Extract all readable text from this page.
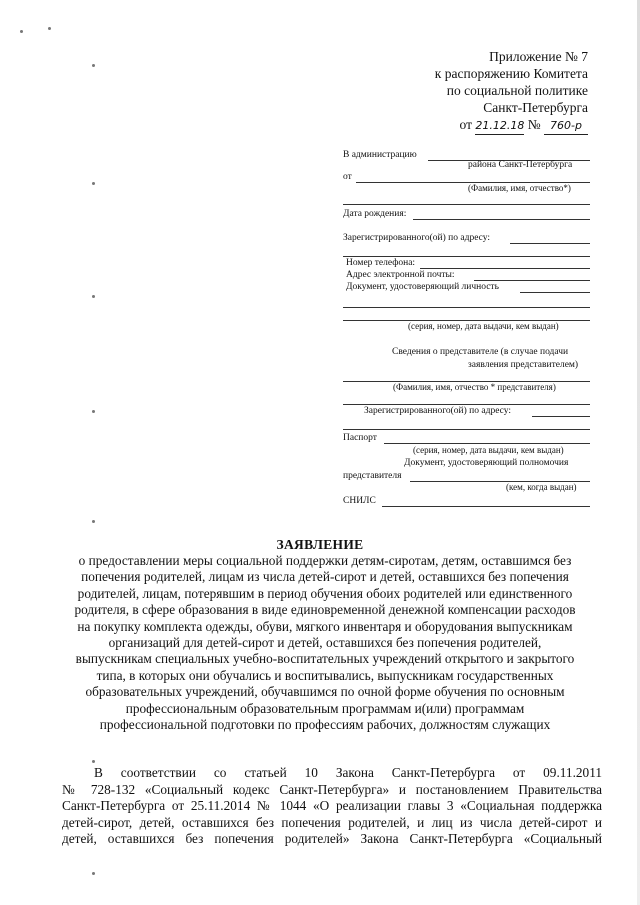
Приложение № 7
к распоряжению Комитета
по социальной политике
Санкт-Петербурга
от 21.12.18 № 760-р
В администрацию
района Санкт-Петербурга
от
(Фамилия, имя, отчество*)
Дата рождения:
Зарегистрированного(ой) по адресу:
Номер телефона:
Адрес электронной почты:
Документ, удостоверяющий личность
(серия, номер, дата выдачи, кем выдан)
Сведения о представителе (в случае подачи
заявления представителем)
(Фамилия, имя, отчество * представителя)
Зарегистрированного(ой) по адресу:
Паспорт
(серия, номер, дата выдачи, кем выдан)
Документ, удостоверяющий полномочия
представителя
(кем, когда выдан)
СНИЛС
ЗАЯВЛЕНИЕ
о предоставлении меры социальной поддержки детям-сиротам, детям, оставшимся без
попечения родителей, лицам из числа детей-сирот и детей, оставшихся без попечения
родителей, лицам, потерявшим в период обучения обоих родителей или единственного
родителя, в сфере образования в виде единовременной денежной компенсации расходов
на покупку комплекта одежды, обуви, мягкого инвентаря и оборудования выпускникам
организаций для детей-сирот и детей, оставшихся без попечения родителей,
выпускникам специальных учебно-воспитательных учреждений открытого и закрытого
типа, в которых они обучались и воспитывались, выпускникам государственных
образовательных учреждений, обучавшимся по очной форме обучения по основным
профессиональным образовательным программам и(или) программам
профессиональной подготовки по профессиям рабочих, должностям служащих
В соответствии со статьей 10 Закона Санкт-Петербурга от 09.11.2011
№ 728-132 «Социальный кодекс Санкт-Петербурга» и постановлением Правительства
Санкт-Петербурга от 25.11.2014 № 1044 «О реализации главы 3 «Социальная поддержка
детей-сирот, детей, оставшихся без попечения родителей, и лиц из числа детей-сирот и
детей, оставшихся без попечения родителей» Закона Санкт-Петербурга «Социальный
